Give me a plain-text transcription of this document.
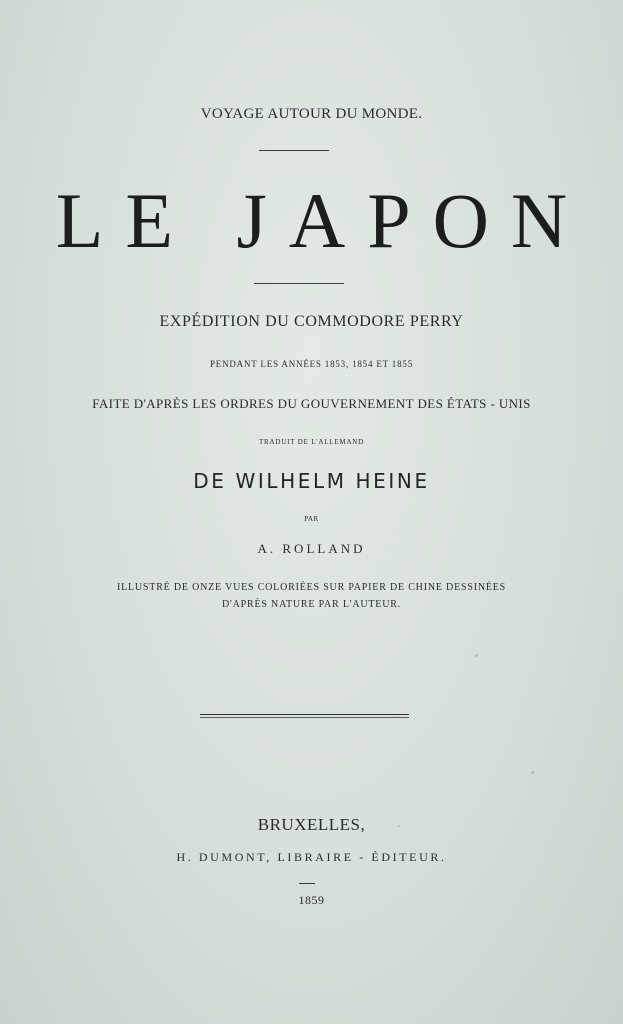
VOYAGE AUTOUR DU MONDE.
LE JAPON
EXPÉDITION DU COMMODORE PERRY
PENDANT LES ANNÉES 1853, 1854 ET 1855
FAITE D'APRÈS LES ORDRES DU GOUVERNEMENT DES ÉTATS - UNIS
TRADUIT DE L'ALLEMAND
DE WILHELM HEINE
PAR
A. ROLLAND
ILLUSTRÉ DE ONZE VUES COLORIÉES SUR PAPIER DE CHINE DESSINÉES
D'APRÈS NATURE PAR L'AUTEUR.
BRUXELLES,
H. DUMONT, LIBRAIRE - ÉDITEUR.
1859
